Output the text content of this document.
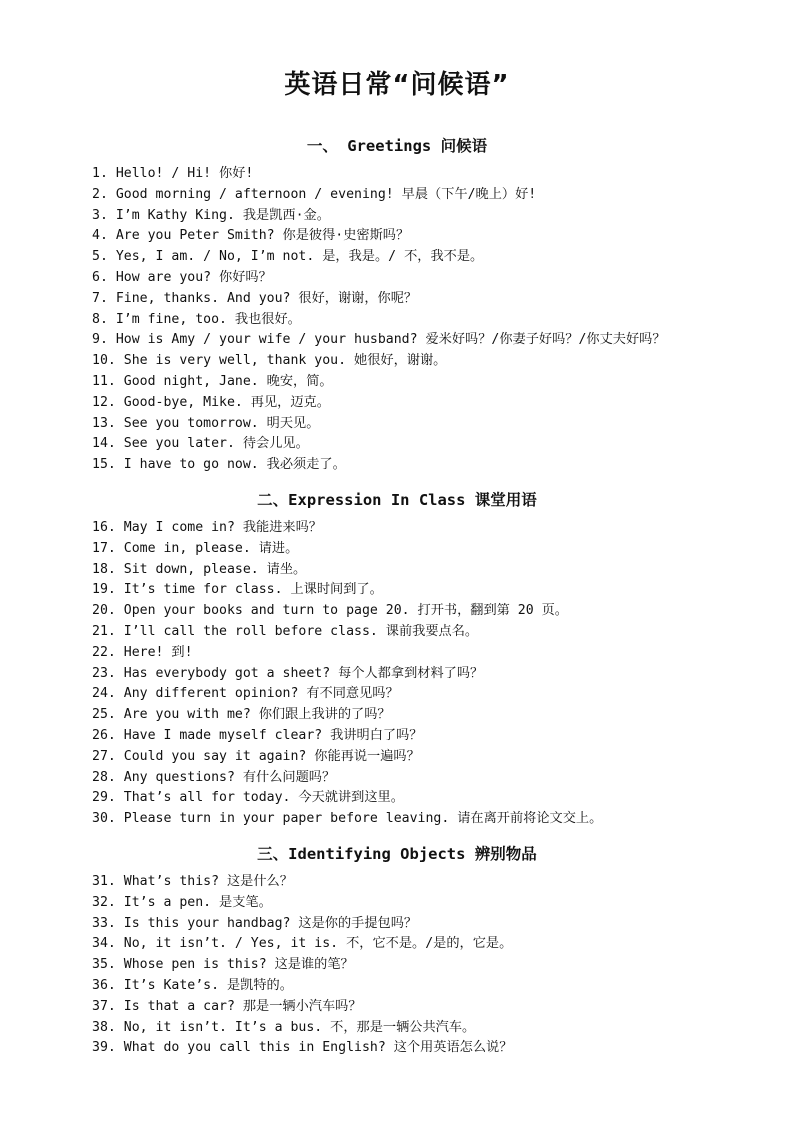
英语日常“问候语”
一、 Greetings 问候语
1. Hello! / Hi! 你好!
2. Good morning / afternoon / evening! 早晨（下午/晚上）好!
3. I’m Kathy King. 我是凯西·金。
4. Are you Peter Smith? 你是彼得·史密斯吗？
5. Yes, I am. / No, I’m not. 是，我是。/ 不，我不是。
6. How are you? 你好吗？
7. Fine, thanks. And you? 很好，谢谢，你呢？
8. I’m fine, too. 我也很好。
9. How is Amy / your wife / your husband? 爱米好吗？/你妻子好吗？/你丈夫好吗？
10. She is very well, thank you. 她很好，谢谢。
11. Good night, Jane. 晚安，简。
12. Good-bye, Mike. 再见，迈克。
13. See you tomorrow. 明天见。
14. See you later. 待会儿见。
15. I have to go now. 我必须走了。
二、Expression In Class 课堂用语
16. May I come in? 我能进来吗？
17. Come in, please. 请进。
18. Sit down, please. 请坐。
19. It’s time for class. 上课时间到了。
20. Open your books and turn to page 20. 打开书，翻到第 20 页。
21. I’ll call the roll before class. 课前我要点名。
22. Here! 到!
23. Has everybody got a sheet? 每个人都拿到材料了吗？
24. Any different opinion? 有不同意见吗？
25. Are you with me? 你们跟上我讲的了吗？
26. Have I made myself clear? 我讲明白了吗？
27. Could you say it again? 你能再说一遍吗？
28. Any questions? 有什么问题吗？
29. That’s all for today. 今天就讲到这里。
30. Please turn in your paper before leaving. 请在离开前将论文交上。
三、Identifying Objects 辨别物品
31. What’s this? 这是什么？
32. It’s a pen. 是支笔。
33. Is this your handbag? 这是你的手提包吗？
34. No, it isn’t. / Yes, it is. 不，它不是。/是的，它是。
35. Whose pen is this? 这是谁的笔？
36. It’s Kate’s. 是凯特的。
37. Is that a car? 那是一辆小汽车吗？
38. No, it isn’t. It’s a bus. 不，那是一辆公共汽车。
39. What do you call this in English? 这个用英语怎么说？
